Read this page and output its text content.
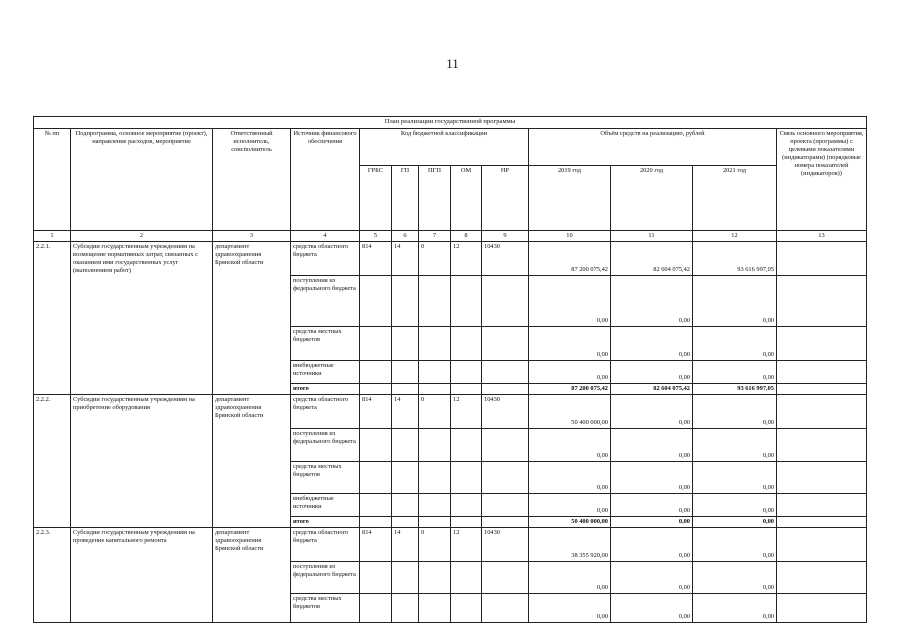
11
План реализации государственной программы												
№ пп	Подпрограмма, основное мероприятие (проект), направление расходов, мероприятие	Ответственный исполнитель, соисполнитель	Источник финансового обеспечения	Код бюджетной классификации					Объём средств на реализацию, рублей			Связь основного мероприятия, проекта (программы) с целевыми показателями (индикаторами) (порядковые номера показателей (индикаторов))
				ГРБС	ГП	ПГП	ОМ	НР	2019 год	2020 год	2021 год	
1	2	3	4	5	6	7	8	9	10	11	12	13
2.2.1.	Субсидии государственным учреждениям на возмещение нормативных затрат, связанных с оказанием ими государственных услуг (выполнением работ)	департамент здравоохранения Брянской области	средства областного бюджета	814	14	0	12	10430	87 200 075,42	82 604 075,42	93 616 997,05	
			поступления из федерального бюджета						0,00	0,00	0,00	
			средства местных бюджетов						0,00	0,00	0,00	
			внебюджетные источники						0,00	0,00	0,00	
			итого						87 200 075,42	82 604 075,42	93 616 997,05	
2.2.2.	Субсидии государственным учреждениям на приобретение оборудования	департамент здравоохранения Брянской области	средства областного бюджета	814	14	0	12	10430	50 400 000,00	0,00	0,00	
			поступления из федерального бюджета						0,00	0,00	0,00	
			средства местных бюджетов						0,00	0,00	0,00	
			внебюджетные источники						0,00	0,00	0,00	
			итого						50 400 000,00	0,00	0,00	
2.2.3.	Субсидии государственным учреждениям на проведение капитального ремонта	департамент здравоохранения Брянской области	средства областного бюджета	814	14	0	12	10430	38 355 920,00	0,00	0,00	
			поступления из федерального бюджета						0,00	0,00	0,00	
			средства местных бюджетов						0,00	0,00	0,00	
